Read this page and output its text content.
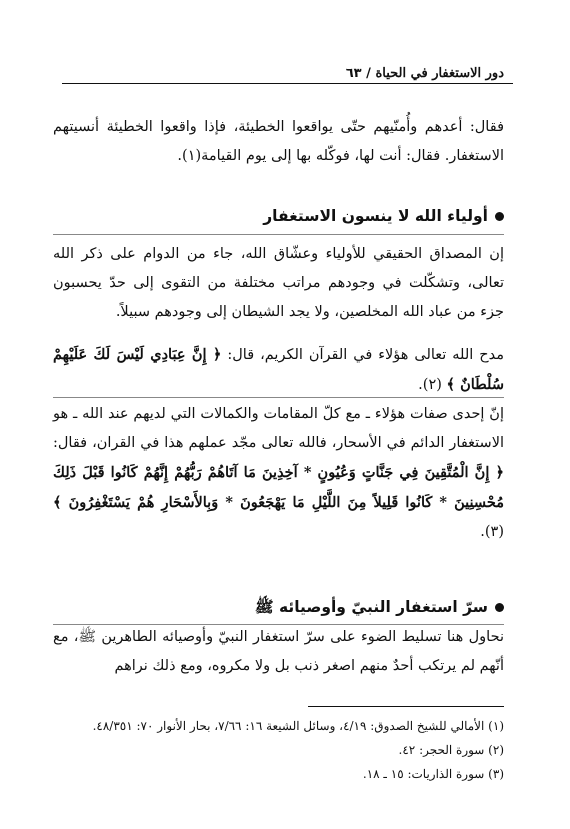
دور الاستغفار في الحياة / ٦٣

فقال: أعدهم وأُمنّيهم حتّى يواقعوا الخطيئة، فإذا واقعوا الخطيئة أنسيتهم الاستغفار. فقال: أنت لها، فوكّله بها إلى يوم القيامة(١).

أولياء الله لا ينسون الاستغفار

إن المصداق الحقيقي للأولياء وعشّاق الله، جاء من الدوام على ذكر الله تعالى، وتشكّلت في وجودهم مراتب مختلفة من التقوى إلى حدّ يحسبون جزء من عباد الله المخلصين، ولا يجد الشيطان إلى وجودهم سبيلاً.

مدح الله تعالى هؤلاء في القرآن الكريم، قال: ﴿ إِنَّ عِبَادِي لَيْسَ لَكَ عَلَيْهِمْ سُلْطَانٌ ﴾ (٢).

إنّ إحدى صفات هؤلاء ـ مع كلّ المقامات والكمالات التي لديهم عند الله ـ هو الاستغفار الدائم في الأسحار، فالله تعالى مجّد عملهم هذا في القران، فقال: ﴿ إِنَّ الْمُتَّقِينَ فِي جَنَّاتٍ وَعُيُونٍ * آخِذِينَ مَا آتَاهُمْ رَبُّهُمْ إِنَّهُمْ كَانُوا قَبْلَ ذَلِكَ مُحْسِنِينَ * كَانُوا قَلِيلاً مِنَ اللَّيْلِ مَا يَهْجَعُونَ * وَبِالأَسْحَارِ هُمْ يَسْتَغْفِرُونَ ﴾ (٣).

سرّ استغفار النبيّ وأوصيائه ﷺ

نحاول هنا تسليط الضوء على سرّ استغفار النبيّ وأوصيائه الطاهرين ﷺ، مع أنّهم لم يرتكب أحدٌ منهم اصغر ذنب بل ولا مكروه، ومع ذلك نراهم

(١) الأمالي للشيخ الصدوق: ٤/١٩، وسائل الشيعة ١٦: ٧/٦٦، بحار الأنوار ٧٠: ٤٨/٣٥١.

(٢) سورة الحجر: ٤٢.

(٣) سورة الذاريات: ١٥ ـ ١٨.
